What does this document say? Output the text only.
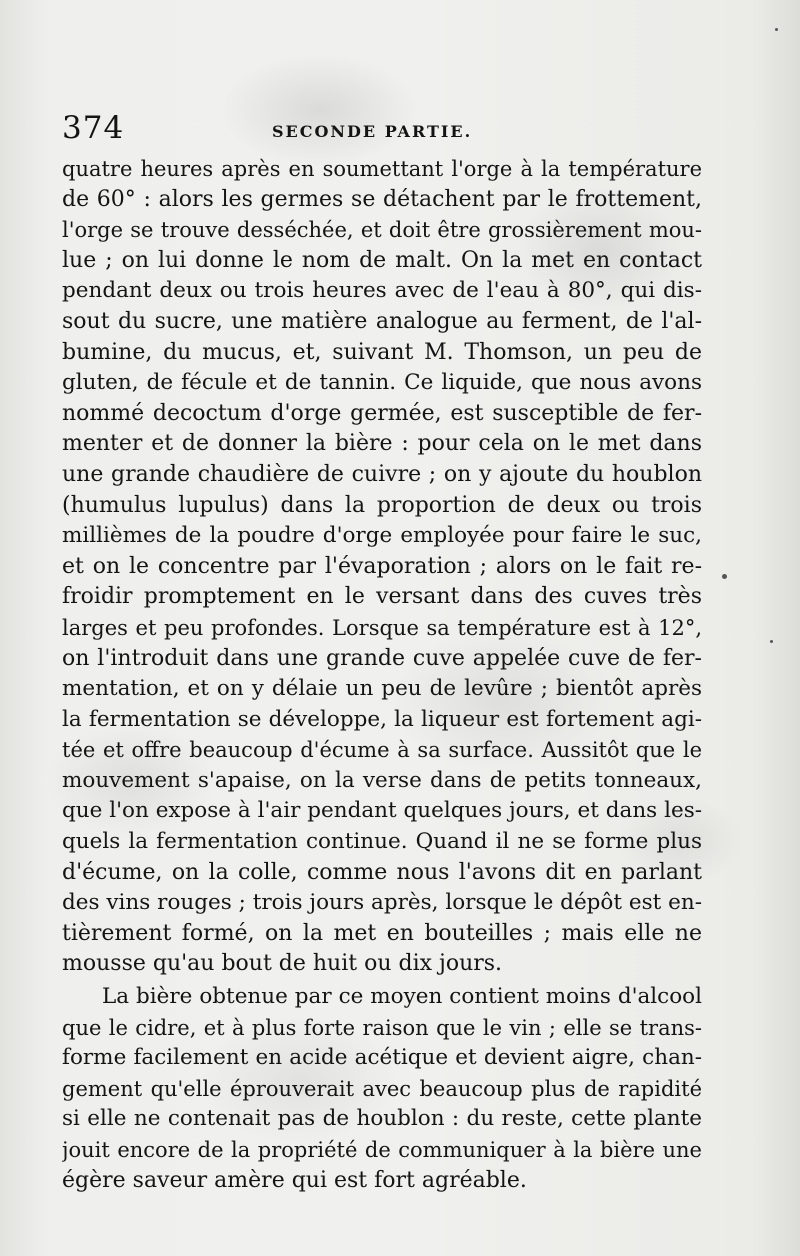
374	SECONDE PARTIE.
quatre heures après en soumettant l'orge à la température
de 60° : alors les germes se détachent par le frottement,
l'orge se trouve desséchée, et doit être grossièrement mou-
lue ; on lui donne le nom de malt. On la met en contact
pendant deux ou trois heures avec de l'eau à 80°, qui dis-
sout du sucre, une matière analogue au ferment, de l'al-
bumine, du mucus, et, suivant M. Thomson, un peu de
gluten, de fécule et de tannin. Ce liquide, que nous avons
nommé decoctum d'orge germée, est susceptible de fer-
menter et de donner la bière : pour cela on le met dans
une grande chaudière de cuivre ; on y ajoute du houblon
(humulus lupulus) dans la proportion de deux ou trois
millièmes de la poudre d'orge employée pour faire le suc,
et on le concentre par l'évaporation ; alors on le fait re-
froidir promptement en le versant dans des cuves très
larges et peu profondes. Lorsque sa température est à 12°,
on l'introduit dans une grande cuve appelée cuve de fer-
mentation, et on y délaie un peu de levûre ; bientôt après
la fermentation se développe, la liqueur est fortement agi-
tée et offre beaucoup d'écume à sa surface. Aussitôt que le
mouvement s'apaise, on la verse dans de petits tonneaux,
que l'on expose à l'air pendant quelques jours, et dans les-
quels la fermentation continue. Quand il ne se forme plus
d'écume, on la colle, comme nous l'avons dit en parlant
des vins rouges ; trois jours après, lorsque le dépôt est en-
tièrement formé, on la met en bouteilles ; mais elle ne
mousse qu'au bout de huit ou dix jours.
La bière obtenue par ce moyen contient moins d'alcool
que le cidre, et à plus forte raison que le vin ; elle se trans-
forme facilement en acide acétique et devient aigre, chan-
gement qu'elle éprouverait avec beaucoup plus de rapidité
si elle ne contenait pas de houblon : du reste, cette plante
jouit encore de la propriété de communiquer à la bière une
égère saveur amère qui est fort agréable.
